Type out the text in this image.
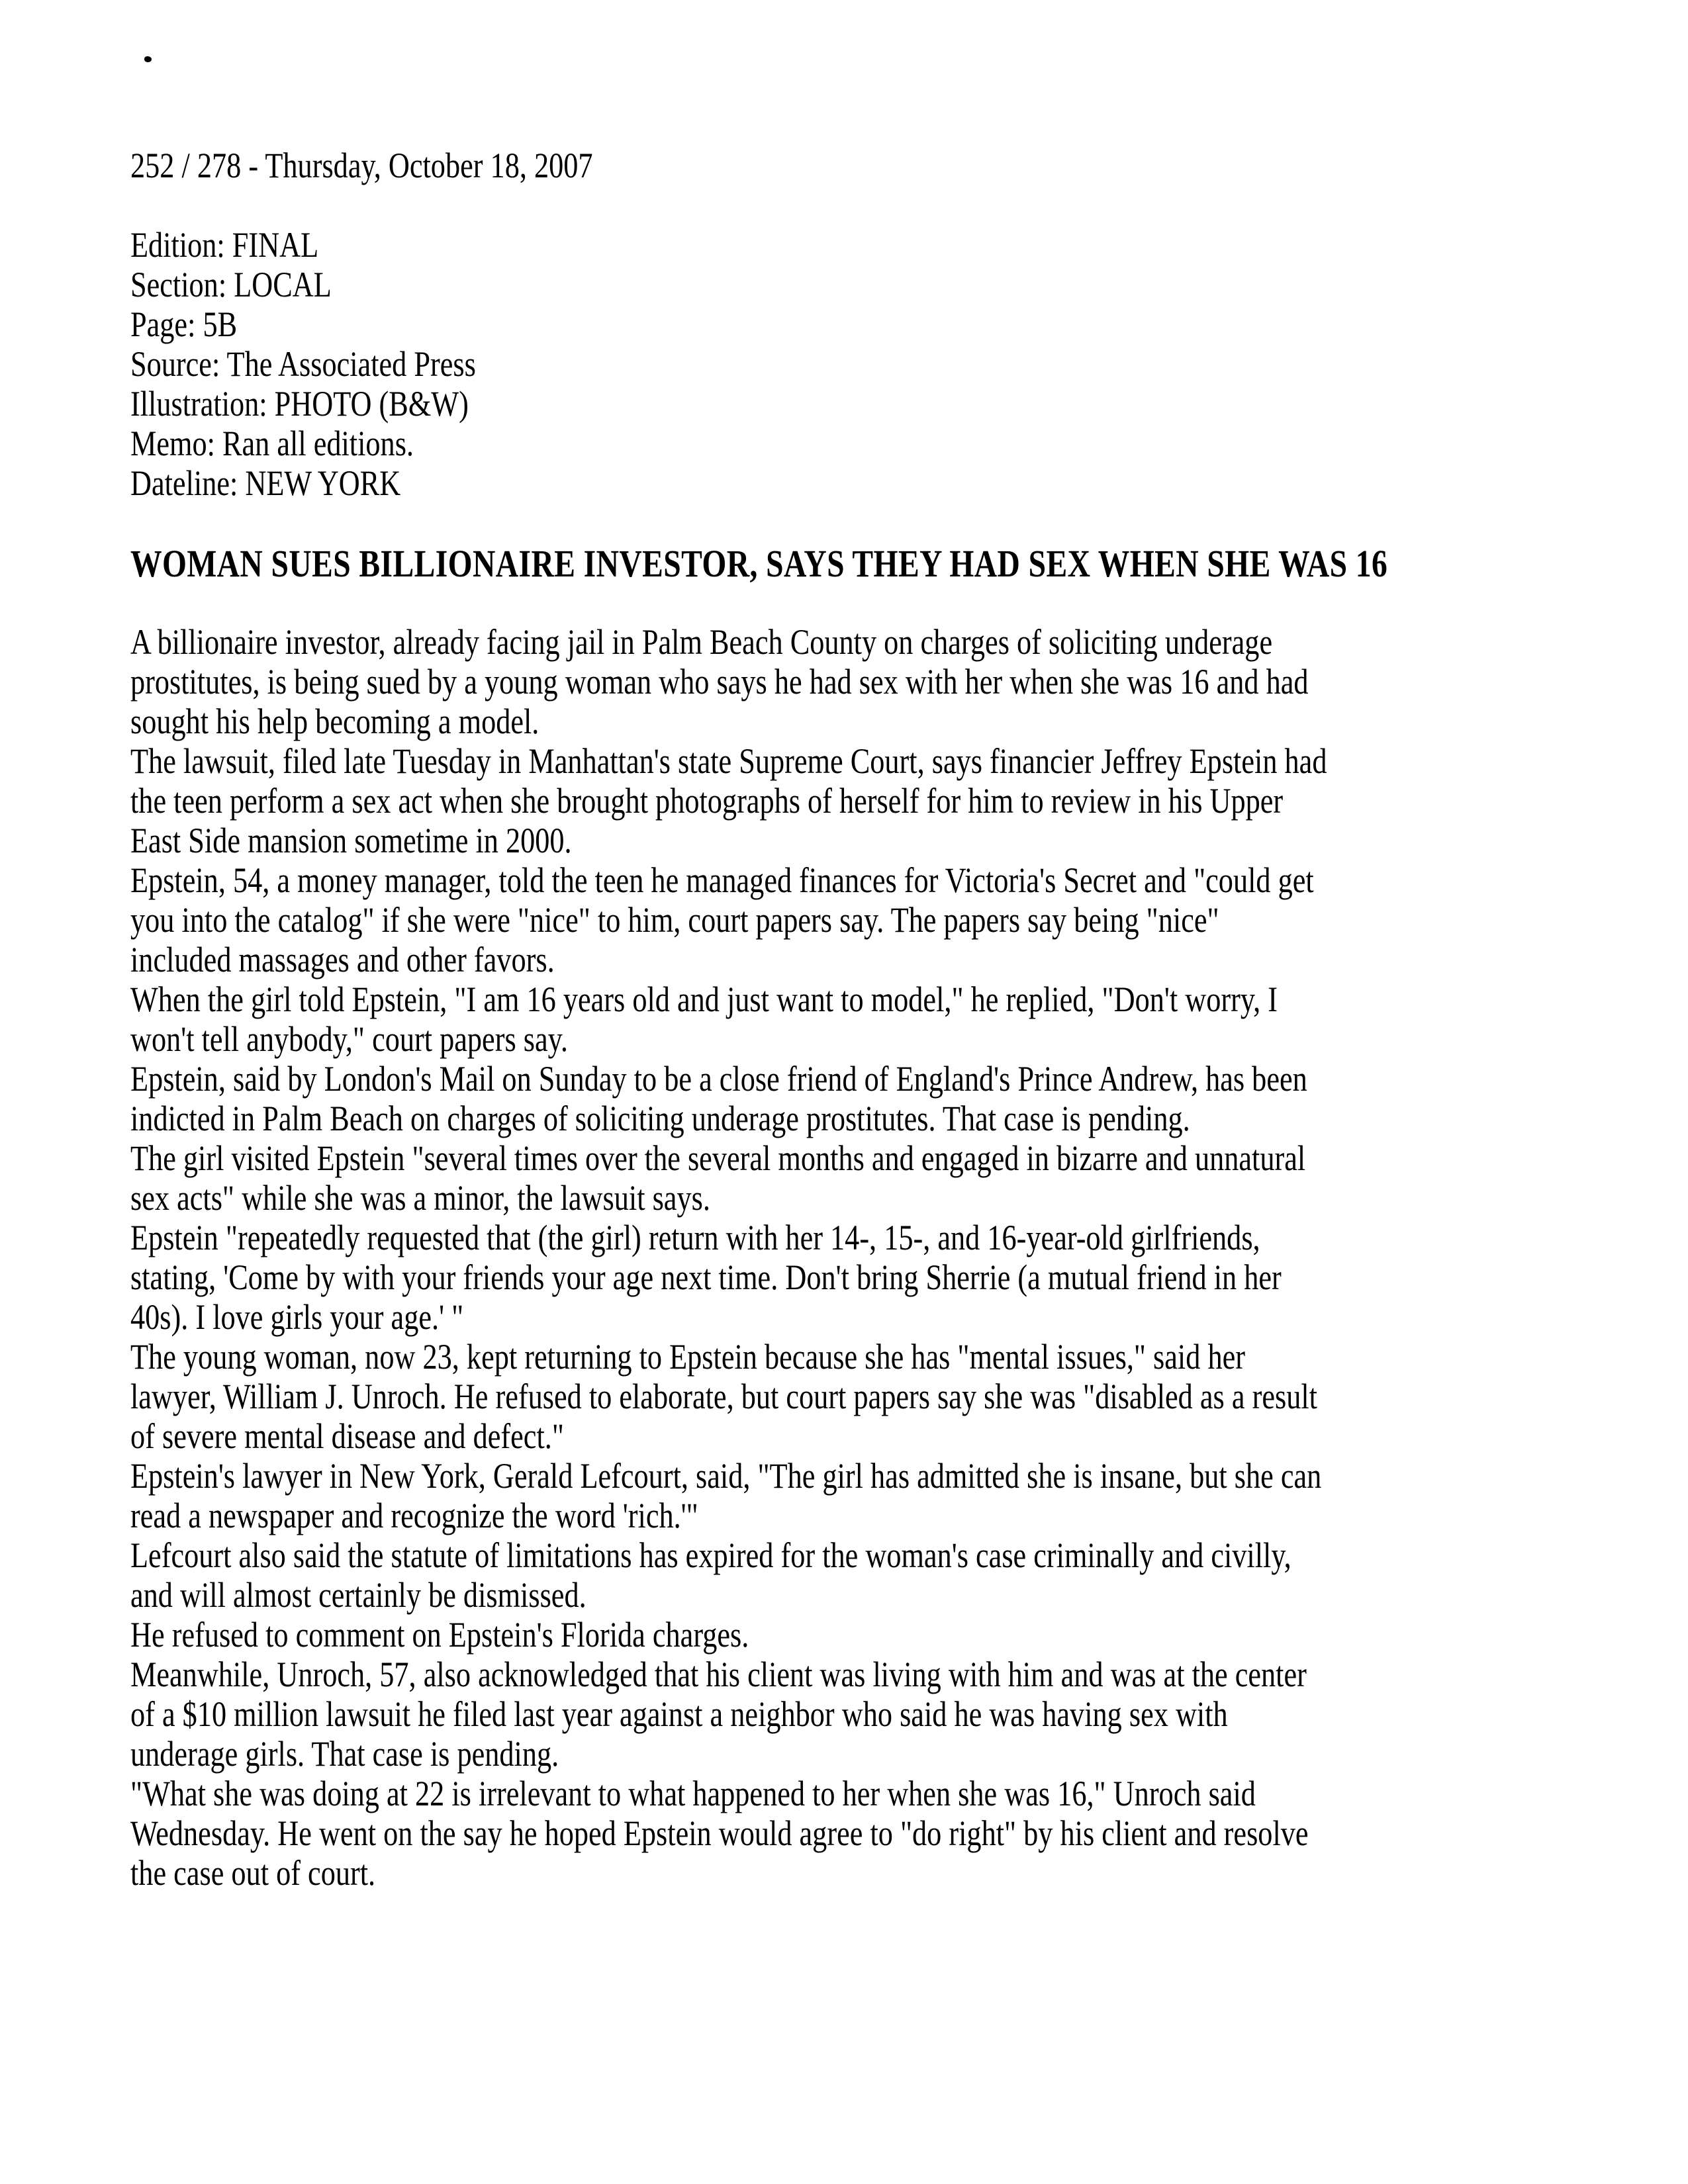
252 / 278 - Thursday, October 18, 2007
Edition: FINAL
Section: LOCAL
Page: 5B
Source: The Associated Press
Illustration: PHOTO (B&W)
Memo: Ran all editions.
Dateline: NEW YORK
WOMAN SUES BILLIONAIRE INVESTOR, SAYS THEY HAD SEX WHEN SHE WAS 16

A billionaire investor, already facing jail in Palm Beach County on charges of soliciting underage
prostitutes, is being sued by a young woman who says he had sex with her when she was 16 and had
sought his help becoming a model.

The lawsuit, filed late Tuesday in Manhattan's state Supreme Court, says financier Jeffrey Epstein had
the teen perform a sex act when she brought photographs of herself for him to review in his Upper
East Side mansion sometime in 2000.

Epstein, 54, a money manager, told the teen he managed finances for Victoria's Secret and "could get
you into the catalog" if she were "nice" to him, court papers say. The papers say being "nice"
included massages and other favors.

When the girl told Epstein, "I am 16 years old and just want to model," he replied, "Don't worry, I
won't tell anybody," court papers say.

Epstein, said by London's Mail on Sunday to be a close friend of England's Prince Andrew, has been
indicted in Palm Beach on charges of soliciting underage prostitutes. That case is pending.

The girl visited Epstein "several times over the several months and engaged in bizarre and unnatural
sex acts" while she was a minor, the lawsuit says.

Epstein "repeatedly requested that (the girl) return with her 14-, 15-, and 16-year-old girlfriends,
stating, 'Come by with your friends your age next time. Don't bring Sherrie (a mutual friend in her
40s). I love girls your age.' "

The young woman, now 23, kept returning to Epstein because she has "mental issues," said her
lawyer, William J. Unroch. He refused to elaborate, but court papers say she was "disabled as a result
of severe mental disease and defect."

Epstein's lawyer in New York, Gerald Lefcourt, said, "The girl has admitted she is insane, but she can
read a newspaper and recognize the word 'rich.'"

Lefcourt also said the statute of limitations has expired for the woman's case criminally and civilly,
and will almost certainly be dismissed.

He refused to comment on Epstein's Florida charges.

Meanwhile, Unroch, 57, also acknowledged that his client was living with him and was at the center
of a $10 million lawsuit he filed last year against a neighbor who said he was having sex with
underage girls. That case is pending.

"What she was doing at 22 is irrelevant to what happened to her when she was 16," Unroch said
Wednesday. He went on the say he hoped Epstein would agree to "do right" by his client and resolve
the case out of court.
